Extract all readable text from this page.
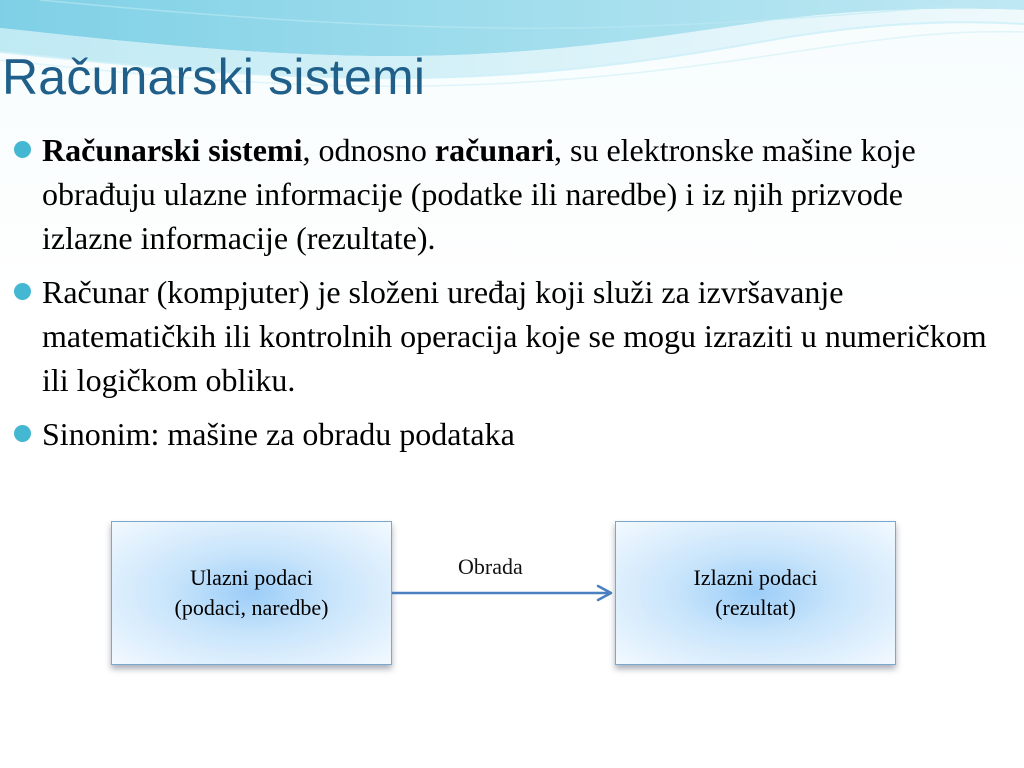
Računarski sistemi
Računarski sistemi, odnosno računari, su elektronske mašine koje obrađuju ulazne informacije (podatke ili naredbe) i iz njih prizvode izlazne informacije (rezultate).
Računar (kompjuter) je složeni uređaj koji služi za izvršavanje matematičkih ili kontrolnih operacija koje se mogu izraziti u numeričkom ili logičkom obliku.
Sinonim: mašine za obradu podataka
Ulazni podaci
(podaci, naredbe)
Obrada	Izlazni podaci
(rezultat)
